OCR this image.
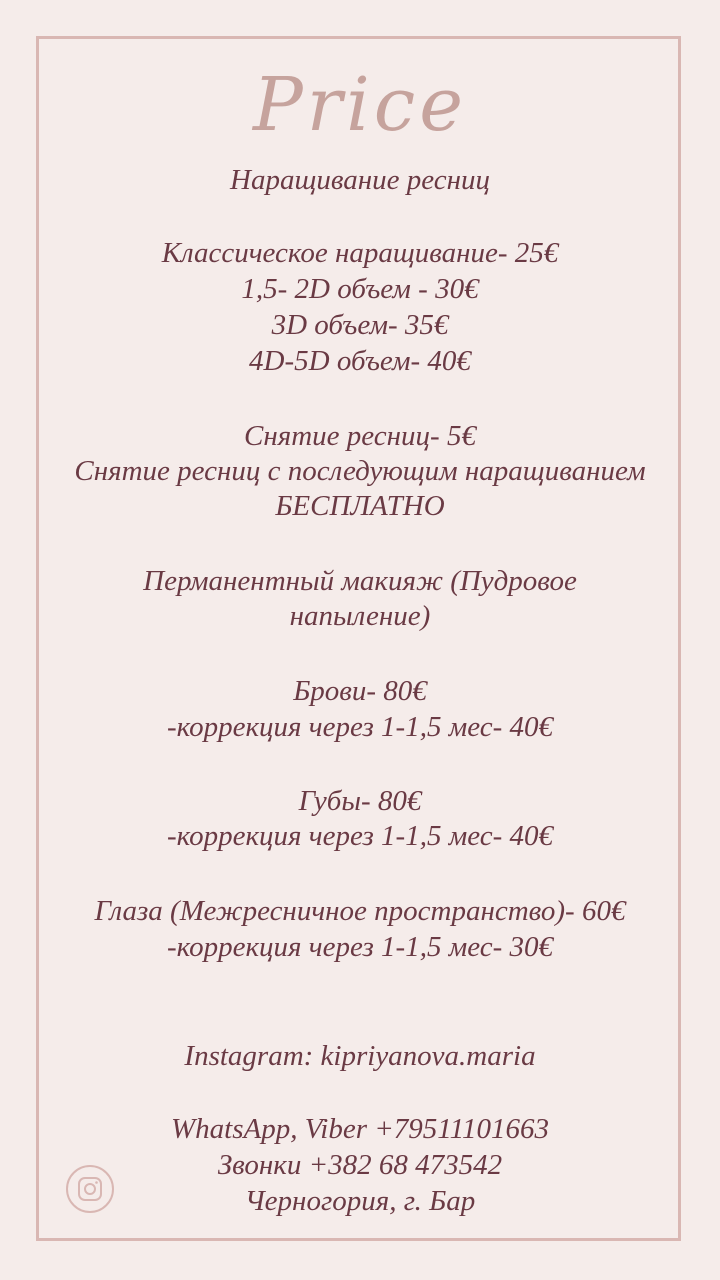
Price
Наращивание ресниц
Классическое наращивание- 25€
1,5- 2D объем - 30€
3D объем- 35€
4D-5D объем- 40€
Снятие ресниц- 5€
Снятие ресниц с последующим наращиванием
БЕСПЛАТНО
Перманентный макияж (Пудровое
напыление)
Брови- 80€
-коррекция через 1-1,5 мес- 40€
Губы- 80€
-коррекция через 1-1,5 мес- 40€
Глаза (Межресничное пространство)- 60€
-коррекция через 1-1,5 мес- 30€
Instagram: kipriyanova.maria
WhatsApp, Viber +79511101663
Звонки +382 68 473542
Черногория, г. Бар
